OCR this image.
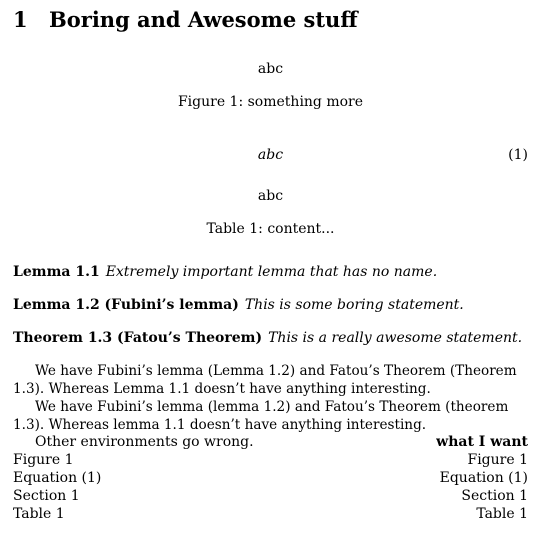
1 Boring and Awesome stuff
abc
Figure 1: something more
abc	(1)
abc
Table 1: content...
Lemma 1.1 Extremely important lemma that has no name.
Lemma 1.2 (Fubini’s lemma) This is some boring statement.
Theorem 1.3 (Fatou’s Theorem) This is a really awesome statement.
We have Fubini’s lemma (Lemma 1.2) and Fatou’s Theorem (Theorem 1.3). Whereas Lemma 1.1 doesn’t have anything interesting.
We have Fubini’s lemma (lemma 1.2) and Fatou’s Theorem (theorem 1.3). Whereas lemma 1.1 doesn’t have anything interesting.
Other environments go wrong.	what I want
Figure 1	Figure 1
Equation (1)	Equation (1)
Section 1	Section 1
Table 1	Table 1
